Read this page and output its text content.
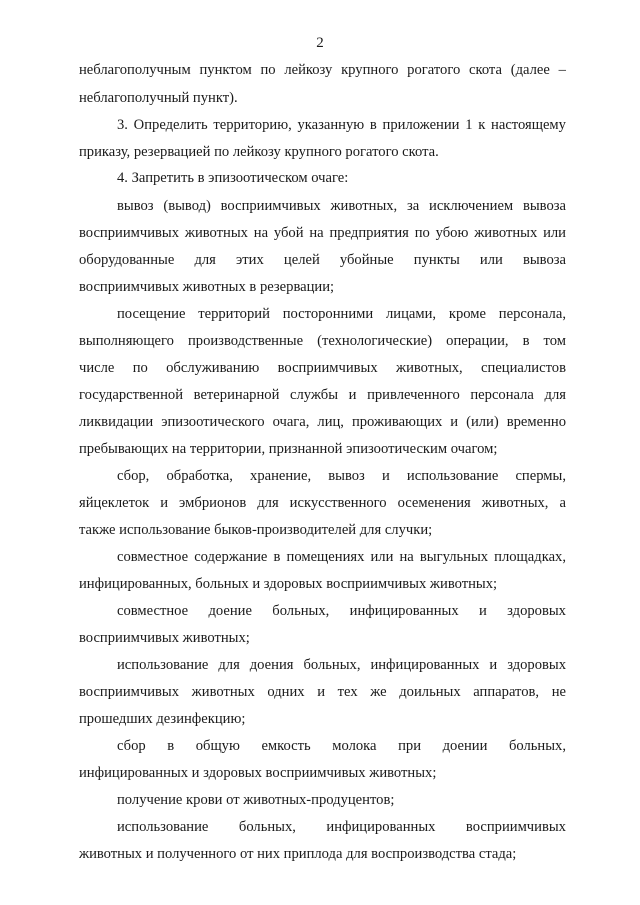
2
неблагополучным пунктом по лейкозу крупного рогатого скота (далее –
неблагополучный пункт).
3. Определить территорию, указанную в приложении 1 к настоящему
приказу, резервацией по лейкозу крупного рогатого скота.
4. Запретить в эпизоотическом очаге:
вывоз (вывод) восприимчивых животных, за исключением вывоза
восприимчивых животных на убой на предприятия по убою животных или
оборудованные для этих целей убойные пункты или вывоза
восприимчивых животных в резервации;
посещение территорий посторонними лицами, кроме персонала,
выполняющего производственные (технологические) операции, в том
числе по обслуживанию восприимчивых животных, специалистов
государственной ветеринарной службы и привлеченного персонала для
ликвидации эпизоотического очага, лиц, проживающих и (или) временно
пребывающих на территории, признанной эпизоотическим очагом;
сбор, обработка, хранение, вывоз и использование спермы,
яйцеклеток и эмбрионов для искусственного осеменения животных, а
также использование быков-производителей для случки;
совместное содержание в помещениях или на выгульных площадках,
инфицированных, больных и здоровых восприимчивых животных;
совместное доение больных, инфицированных и здоровых
восприимчивых животных;
использование для доения больных, инфицированных и здоровых
восприимчивых животных одних и тех же доильных аппаратов, не
прошедших дезинфекцию;
сбор в общую емкость молока при доении больных,
инфицированных и здоровых восприимчивых животных;
получение крови от животных-продуцентов;
использование больных, инфицированных восприимчивых
животных и полученного от них приплода для воспроизводства стада;
